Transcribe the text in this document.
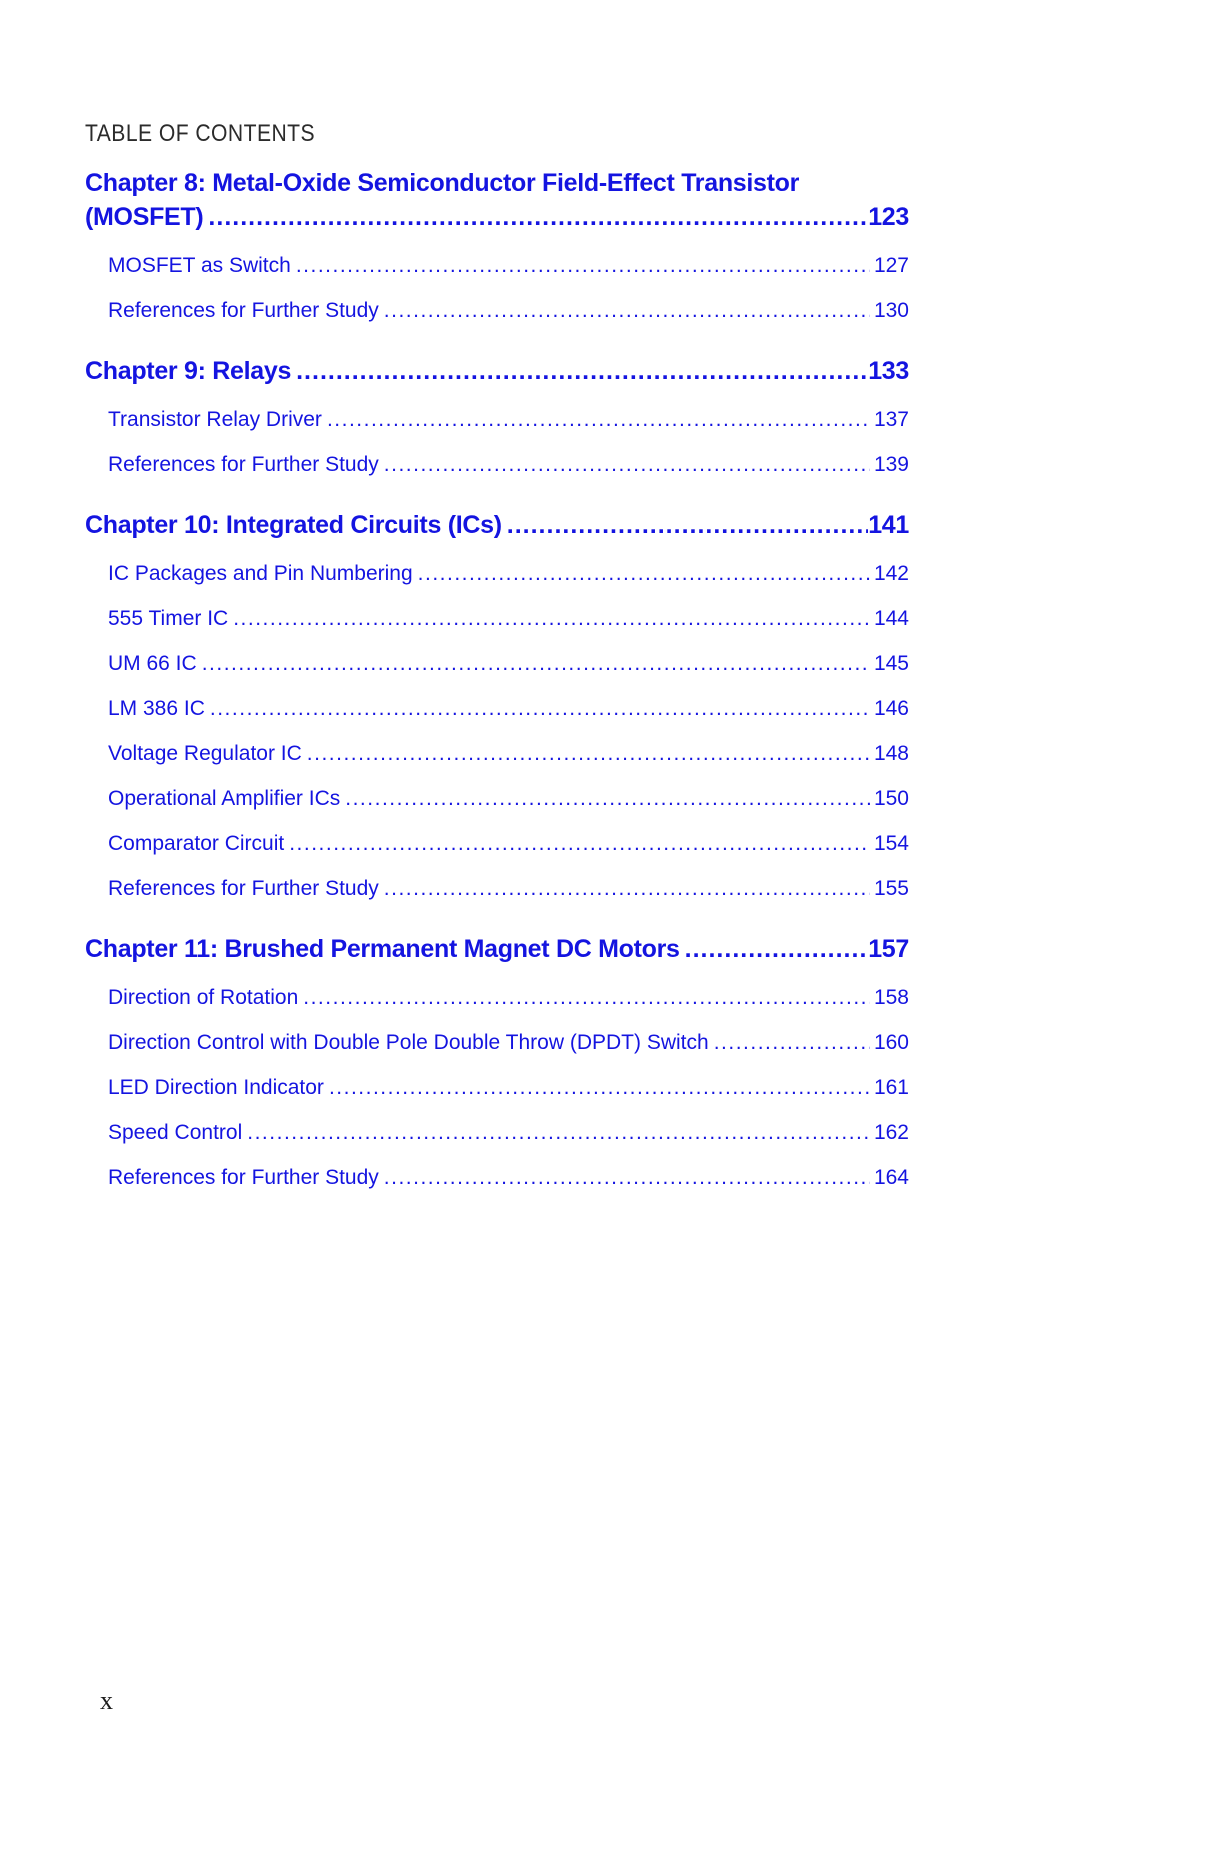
TABLE OF CONTENTS
Chapter 8: Metal-Oxide Semiconductor Field-Effect Transistor
(MOSFET) .....	123
MOSFET as Switch .....	127
References for Further Study .....	130
Chapter 9: Relays .....	133
Transistor Relay Driver .....	137
References for Further Study .....	139
Chapter 10: Integrated Circuits (ICs) .....	141
IC Packages and Pin Numbering .....	142
555 Timer IC .....	144
UM 66 IC .....	145
LM 386 IC .....	146
Voltage Regulator IC .....	148
Operational Amplifier ICs .....	150
Comparator Circuit .....	154
References for Further Study .....	155
Chapter 11: Brushed Permanent Magnet DC Motors .....	157
Direction of Rotation .....	158
Direction Control with Double Pole Double Throw (DPDT) Switch .....	160
LED Direction Indicator .....	161
Speed Control .....	162
References for Further Study .....	164
x
